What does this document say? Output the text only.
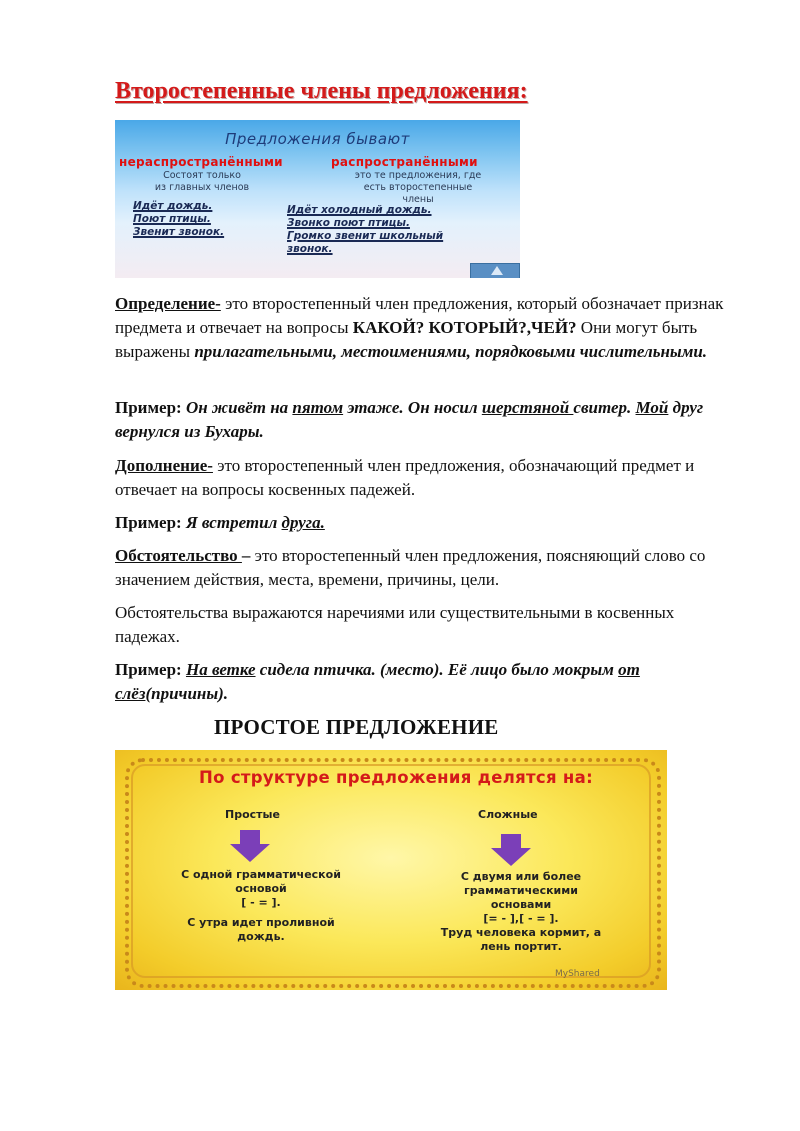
Второстепенные члены предложения:
Предложения бывают
нераспространёнными	распространёнными
Состоят только
из главных членов
это те предложения, где
есть второстепенные
члены
Идёт дождь.
Поют птицы.
Звенит звонок.
Идёт холодный дождь.
Звонко поют птицы.
Громко звенит школьный
звонок.
Определение- это второстепенный член предложения, который обозначает признак предмета и отвечает на вопросы КАКОЙ? КОТОРЫЙ?,ЧЕЙ? Они могут быть выражены прилагательными, местоимениями, порядковыми числительными.
Пример: Он живёт на пятом этаже. Он носил шерстяной свитер. Мой друг вернулся из Бухары.
Дополнение- это второстепенный член предложения, обозначающий предмет и отвечает на вопросы косвенных падежей.
Пример: Я встретил друга.
Обстоятельство – это второстепенный член предложения, поясняющий слово со значением действия, места, времени, причины, цели.
Обстоятельства выражаются наречиями или существительными в косвенных падежах.
Пример: На ветке сидела птичка. (место). Её лицо было мокрым от слёз(причины).
ПРОСТОЕ ПРЕДЛОЖЕНИЕ
По структуре предложения делятся на:
Простые	Сложные
С одной грамматической
основой
[ - = ].
С утра идет проливной
дождь.
С двумя или более
грамматическими
основами
[= - ],[ - = ].
Труд человека кормит, а
лень портит.
MyShared
